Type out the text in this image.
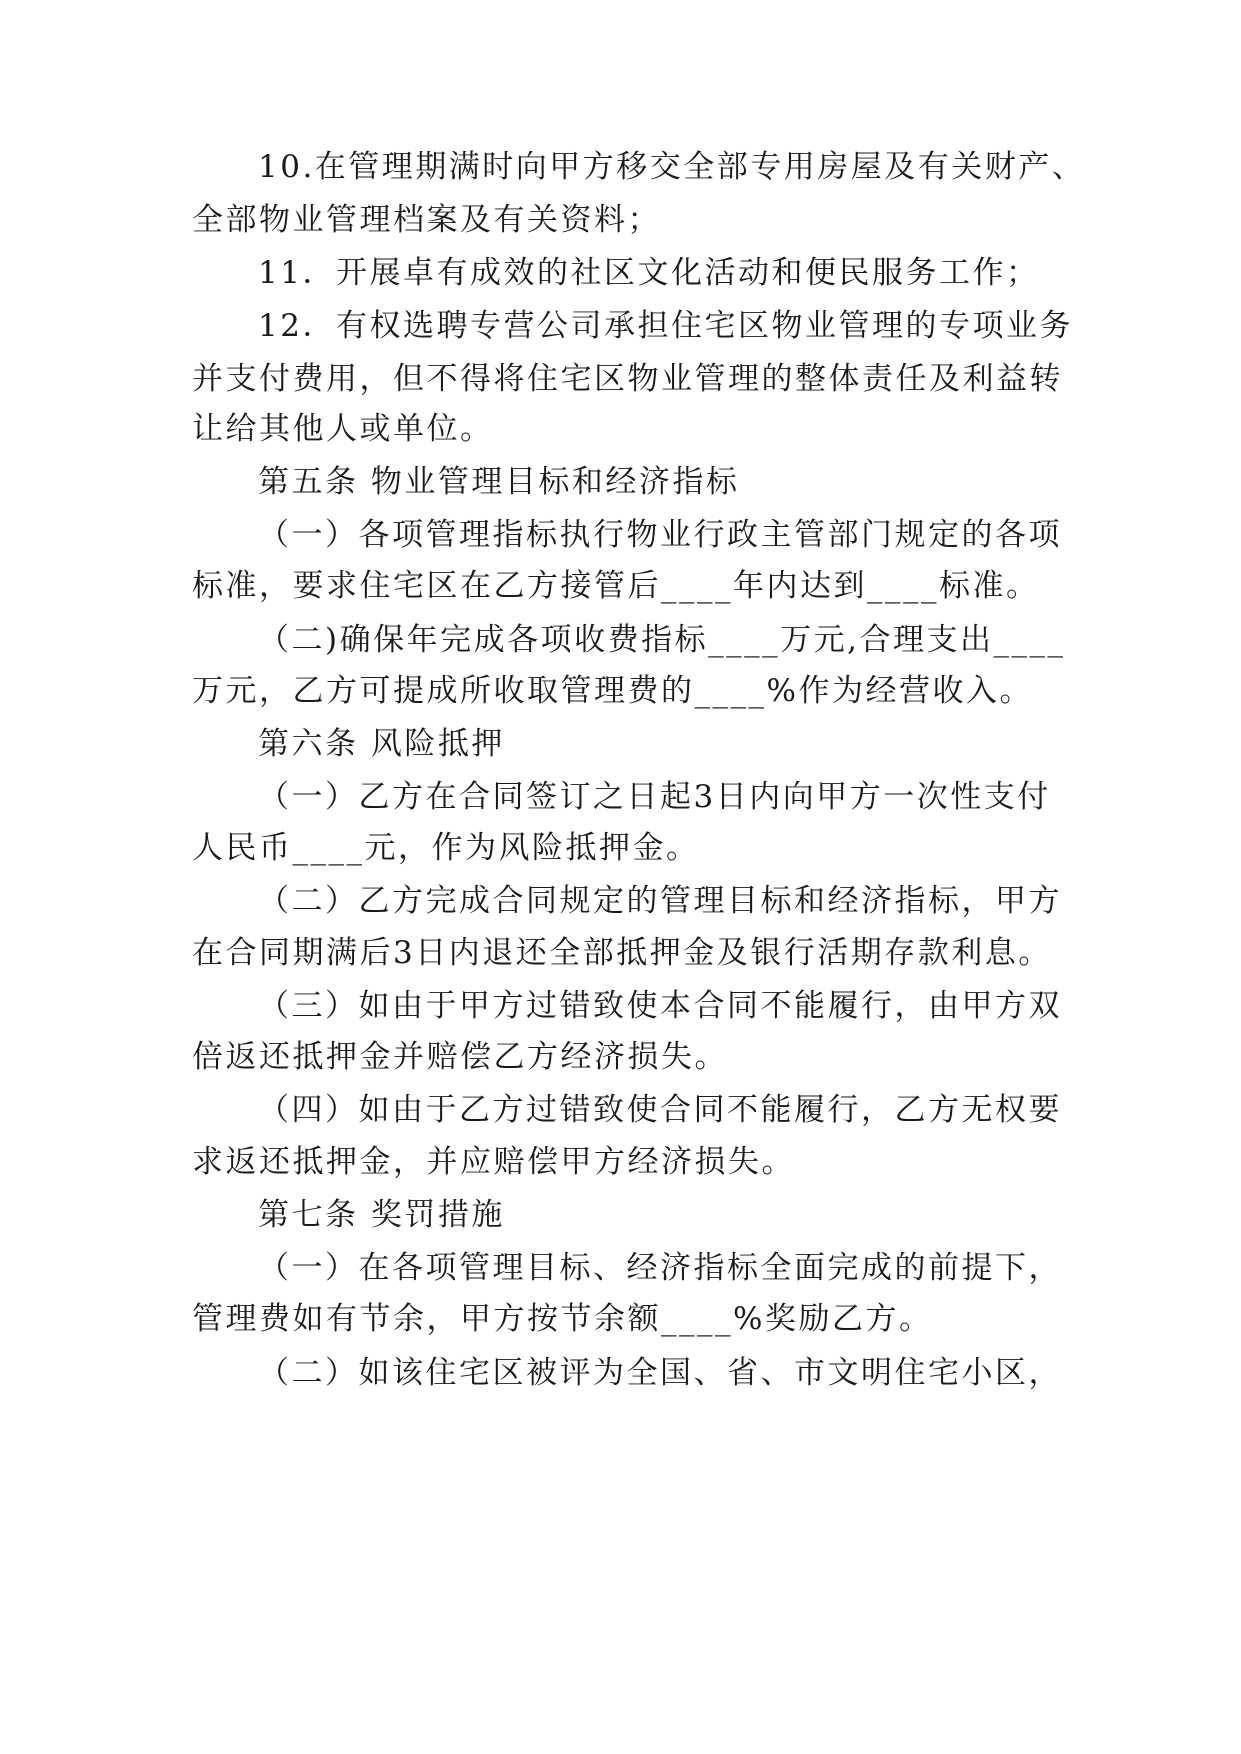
10.在管理期满时向甲方移交全部专用房屋及有关财产、
全部物业管理档案及有关资料；
11．开展卓有成效的社区文化活动和便民服务工作；
12．有权选聘专营公司承担住宅区物业管理的专项业务
并支付费用，但不得将住宅区物业管理的整体责任及利益转
让给其他人或单位。
第五条 物业管理目标和经济指标
（一）各项管理指标执行物业行政主管部门规定的各项
标准，要求住宅区在乙方接管后____年内达到____标准。
（二)确保年完成各项收费指标____万元,合理支出____
万元，乙方可提成所收取管理费的____%作为经营收入。
第六条 风险抵押
（一）乙方在合同签订之日起3日内向甲方一次性支付
人民币____元，作为风险抵押金。
（二）乙方完成合同规定的管理目标和经济指标，甲方
在合同期满后3日内退还全部抵押金及银行活期存款利息。
（三）如由于甲方过错致使本合同不能履行，由甲方双
倍返还抵押金并赔偿乙方经济损失。
（四）如由于乙方过错致使合同不能履行，乙方无权要
求返还抵押金，并应赔偿甲方经济损失。
第七条 奖罚措施
（一）在各项管理目标、经济指标全面完成的前提下，
管理费如有节余，甲方按节余额____%奖励乙方。
（二）如该住宅区被评为全国、省、市文明住宅小区，
